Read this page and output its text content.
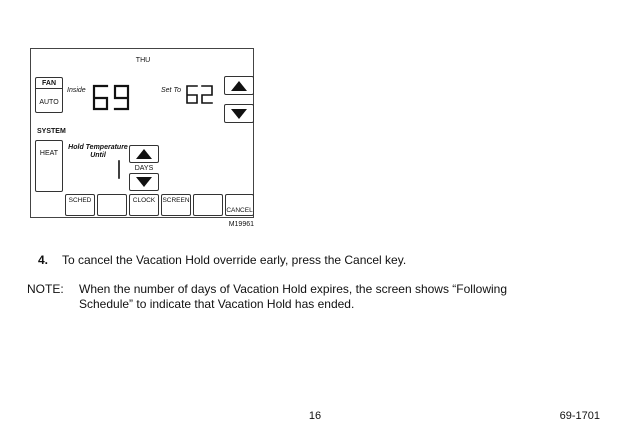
THU
FAN
AUTO
Inside	Set To
SYSTEM
HEAT
Hold Temperature
Until
DAYS
SCHED	CLOCK	SCREEN
CANCEL
M19961
4. To cancel the Vacation Hold override early, press the Cancel key.
NOTE: When the number of days of Vacation Hold expires, the screen shows “Following
Schedule” to indicate that Vacation Hold has ended.
16	69-1701
